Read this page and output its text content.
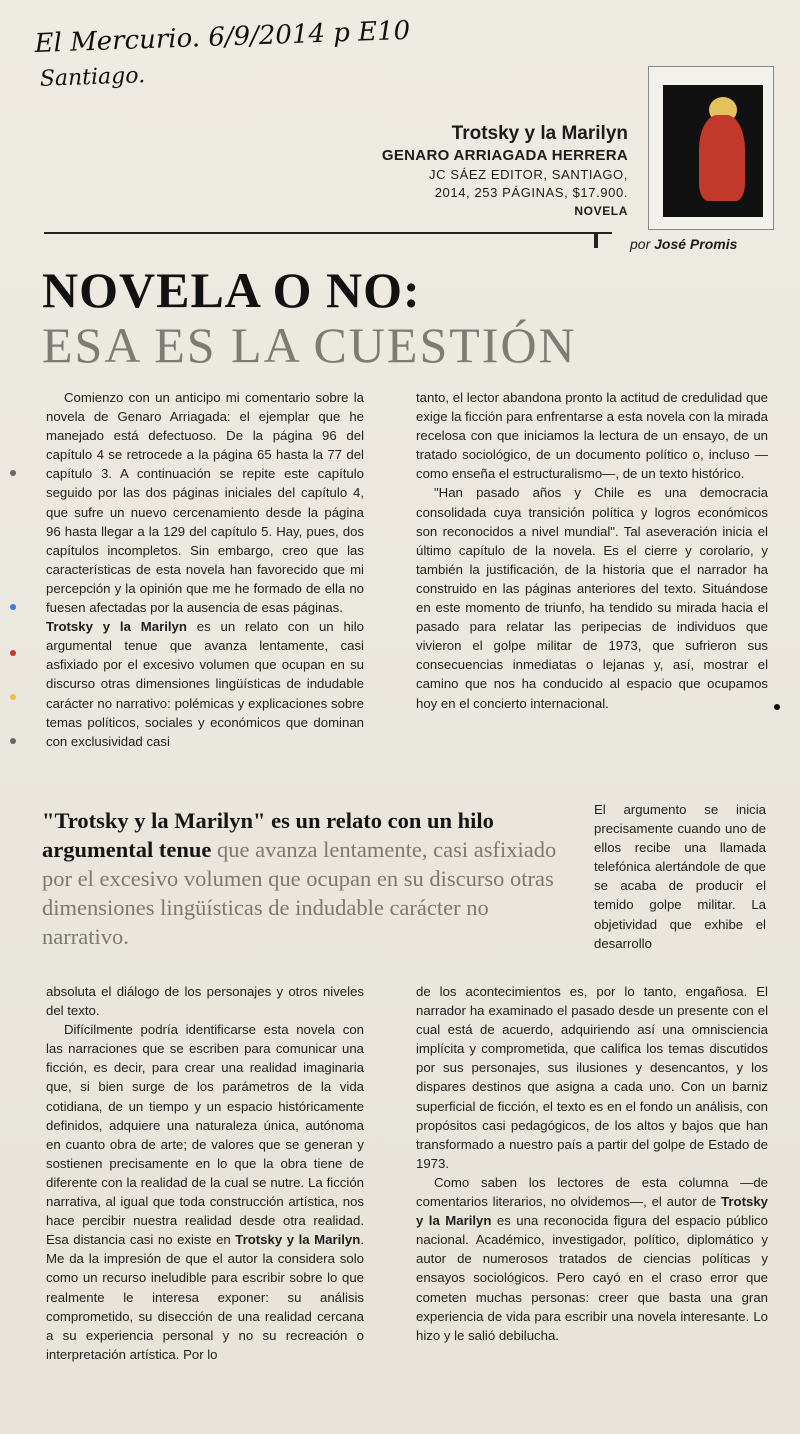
El Mercurio. 6/9/2014 p E10
Santiago.
Trotsky y la Marilyn
GENARO ARRIAGADA HERRERA
JC SÁEZ EDITOR, SANTIAGO,
2014, 253 PÁGINAS, $17.900.
NOVELA
por José Promis
NOVELA O NO:
ESA ES LA CUESTIÓN

Comienzo con un anticipo mi comentario sobre la novela de Genaro Arriagada: el ejemplar que he manejado está defectuoso. De la página 96 del capítulo 4 se retrocede a la página 65 hasta la 77 del capítulo 3. A continuación se repite este capítulo seguido por las dos páginas iniciales del capítulo 4, que sufre un nuevo cercenamiento desde la página 96 hasta llegar a la 129 del capítulo 5. Hay, pues, dos capítulos incompletos. Sin embargo, creo que las características de esta novela han favorecido que mi percepción y la opinión que me he formado de ella no fuesen afectadas por la ausencia de esas páginas.

Trotsky y la Marilyn es un relato con un hilo argumental tenue que avanza lentamente, casi asfixiado por el excesivo volumen que ocupan en su discurso otras dimensiones lingüísticas de indudable carácter no narrativo: polémicas y explicaciones sobre temas políticos, sociales y económicos que dominan con exclusividad casi

tanto, el lector abandona pronto la actitud de credulidad que exige la ficción para enfrentarse a esta novela con la mirada recelosa con que iniciamos la lectura de un ensayo, de un tratado sociológico, de un documento político o, incluso —como enseña el estructuralismo—, de un texto histórico.

"Han pasado años y Chile es una democracia consolidada cuya transición política y logros económicos son reconocidos a nivel mundial". Tal aseveración inicia el último capítulo de la novela. Es el cierre y corolario, y también la justificación, de la historia que el narrador ha construido en las páginas anteriores del texto. Situándose en este momento de triunfo, ha tendido su mirada hacia el pasado para relatar las peripecias de individuos que vivieron el golpe militar de 1973, que sufrieron sus consecuencias inmediatas o lejanas y, así, mostrar el camino que nos ha conducido al espacio que ocupamos hoy en el concierto internacional.

El argumento se inicia precisamente cuando uno de ellos recibe una llamada telefónica alertándole de que se acaba de producir el temido golpe militar. La objetividad que exhibe el desarrollo

"Trotsky y la Marilyn" es un relato con un hilo argumental tenue que avanza lentamente, casi asfixiado por el excesivo volumen que ocupan en su discurso otras dimensiones lingüísticas de indudable carácter no narrativo.

absoluta el diálogo de los personajes y otros niveles del texto.

Difícilmente podría identificarse esta novela con las narraciones que se escriben para comunicar una ficción, es decir, para crear una realidad imaginaria que, si bien surge de los parámetros de la vida cotidiana, de un tiempo y un espacio históricamente definidos, adquiere una naturaleza única, autónoma en cuanto obra de arte; de valores que se generan y sostienen precisamente en lo que la obra tiene de diferente con la realidad de la cual se nutre. La ficción narrativa, al igual que toda construcción artística, nos hace percibir nuestra realidad desde otra realidad. Esa distancia casi no existe en Trotsky y la Marilyn. Me da la impresión de que el autor la considera solo como un recurso ineludible para escribir sobre lo que realmente le interesa exponer: su análisis comprometido, su disección de una realidad cercana a su experiencia personal y no su recreación o interpretación artística. Por lo

de los acontecimientos es, por lo tanto, engañosa. El narrador ha examinado el pasado desde un presente con el cual está de acuerdo, adquiriendo así una omnisciencia implícita y comprometida, que califica los temas discutidos por sus personajes, sus ilusiones y desencantos, y los dispares destinos que asigna a cada uno. Con un barniz superficial de ficción, el texto es en el fondo un análisis, con propósitos casi pedagógicos, de los altos y bajos que han transformado a nuestro país a partir del golpe de Estado de 1973.

Como saben los lectores de esta columna —de comentarios literarios, no olvidemos—, el autor de Trotsky y la Marilyn es una reconocida figura del espacio público nacional. Académico, investigador, político, diplomático y autor de numerosos tratados de ciencias políticas y ensayos sociológicos. Pero cayó en el craso error que cometen muchas personas: creer que basta una gran experiencia de vida para escribir una novela interesante. Lo hizo y le salió debilucha.
